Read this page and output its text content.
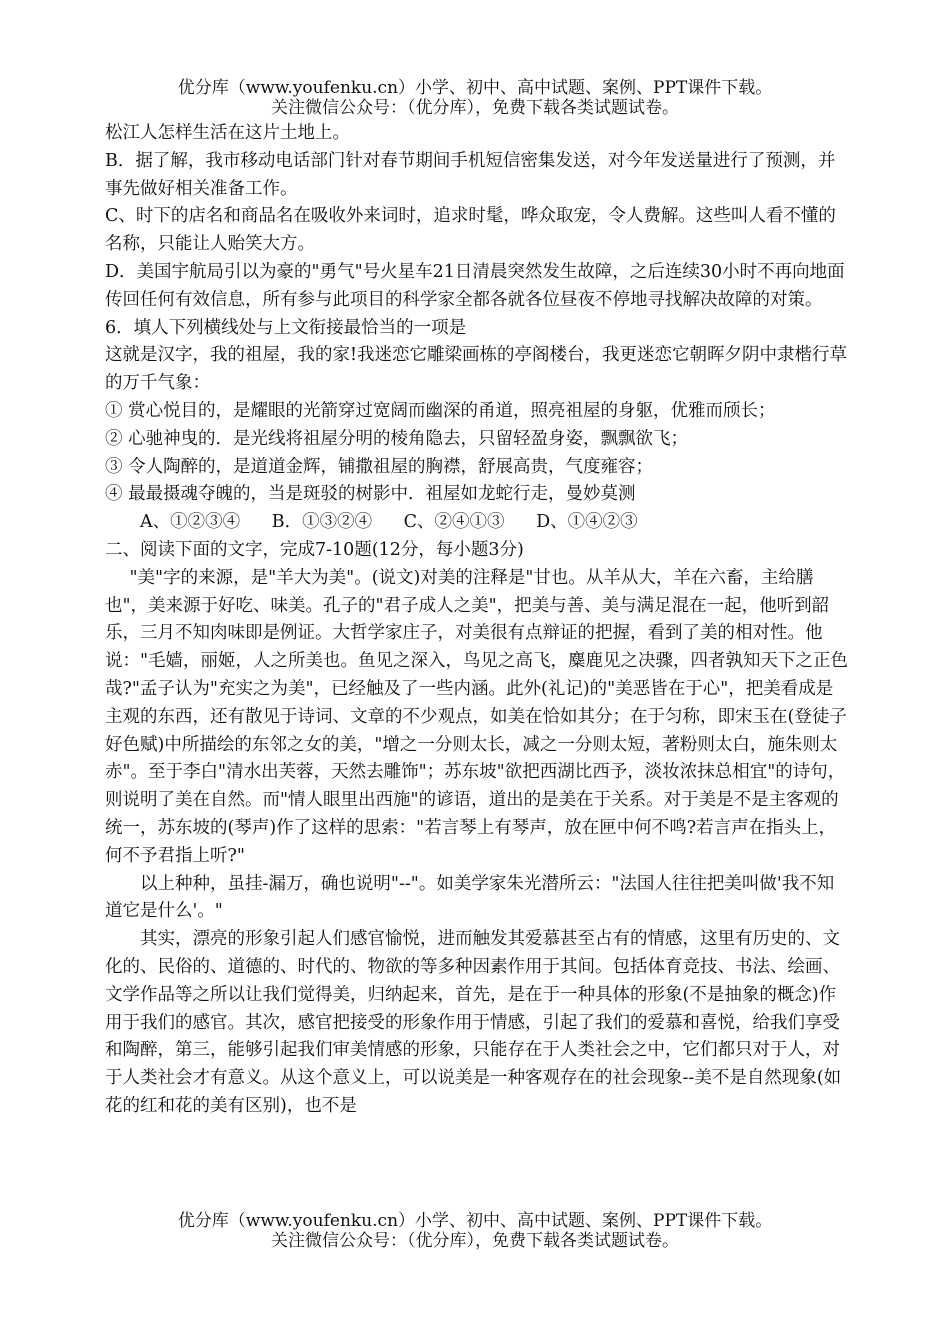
优分库（www.youfenku.cn）小学、初中、高中试题、案例、PPT课件下载。
关注微信公众号：（优分库），免费下载各类试题试卷。

松江人怎样生活在这片土地上。

B．据了解，我市移动电话部门针对春节期间手机短信密集发送，对今年发送量进行了预测，并事先做好相关准备工作。

C、时下的店名和商品名在吸收外来词时，追求时髦，哗众取宠，令人费解。这些叫人看不懂的名称，只能让人贻笑大方。

D．美国宇航局引以为豪的"勇气"号火星车21日清晨突然发生故障，之后连续30小时不再向地面传回任何有效信息，所有参与此项目的科学家全都各就各位昼夜不停地寻找解决故障的对策。

6．填人下列横线处与上文衔接最恰当的一项是

这就是汉字，我的祖屋，我的家!我迷恋它雕梁画栋的亭阁楼台，我更迷恋它朝晖夕阴中隶楷行草的万千气象：

① 赏心悦目的，是耀眼的光箭穿过宽阔而幽深的甬道，照亮祖屋的身躯，优雅而颀长；

② 心驰神曳的．是光线将祖屋分明的棱角隐去，只留轻盈身姿，飘飘欲飞；

③ 令人陶醉的，是道道金辉，铺撒祖屋的胸襟，舒展高贵，气度雍容；

④ 最最摄魂夺魄的，当是斑驳的树影中．祖屋如龙蛇行走，曼妙莫测

A、①②③④ B．①③②④ C、②④①③ D、①④②③

二、阅读下面的文字，完成7-10题(12分，每小题3分)

"美"字的来源，是"羊大为美"。(说文)对美的注释是"甘也。从羊从大，羊在六畜，主给膳也"，美来源于好吃、味美。孔子的"君子成人之美"，把美与善、美与满足混在一起，他听到韶乐，三月不知肉味即是例证。大哲学家庄子，对美很有点辩证的把握，看到了美的相对性。他说："毛嫱，丽姬，人之所美也。鱼见之深入，鸟见之高飞，麋鹿见之决骤，四者孰知天下之正色哉?"孟子认为"充实之为美"，已经触及了一些内涵。此外(礼记)的"美恶皆在于心"，把美看成是主观的东西，还有散见于诗词、文章的不少观点，如美在恰如其分；在于匀称，即宋玉在(登徒子好色赋)中所描绘的东邻之女的美，"增之一分则太长，减之一分则太短，著粉则太白，施朱则太赤"。至于李白"清水出芙蓉，天然去雕饰"；苏东坡"欲把西湖比西予，淡妆浓抹总相宜"的诗句，则说明了美在自然。而"情人眼里出西施"的谚语，道出的是美在于关系。对于美是不是主客观的统一，苏东坡的(琴声)作了这样的思索："若言琴上有琴声，放在匣中何不鸣?若言声在指头上，何不予君指上听?"

以上种种，虽挂-漏万，确也说明"--"。如美学家朱光潜所云："法国人往往把美叫做'我不知道它是什么'。"

其实，漂亮的形象引起人们感官愉悦，进而触发其爱慕甚至占有的情感，这里有历史的、文化的、民俗的、道德的、时代的、物欲的等多种因素作用于其间。包括体育竞技、书法、绘画、文学作品等之所以让我们觉得美，归纳起来，首先，是在于一种具体的形象(不是抽象的概念)作用于我们的感官。其次，感官把接受的形象作用于情感，引起了我们的爱慕和喜悦，给我们享受和陶醉，第三，能够引起我们审美情感的形象，只能存在于人类社会之中，它们都只对于人，对于人类社会才有意义。从这个意义上，可以说美是一种客观存在的社会现象--美不是自然现象(如花的红和花的美有区别)，也不是

优分库（www.youfenku.cn）小学、初中、高中试题、案例、PPT课件下载。
关注微信公众号：（优分库），免费下载各类试题试卷。
